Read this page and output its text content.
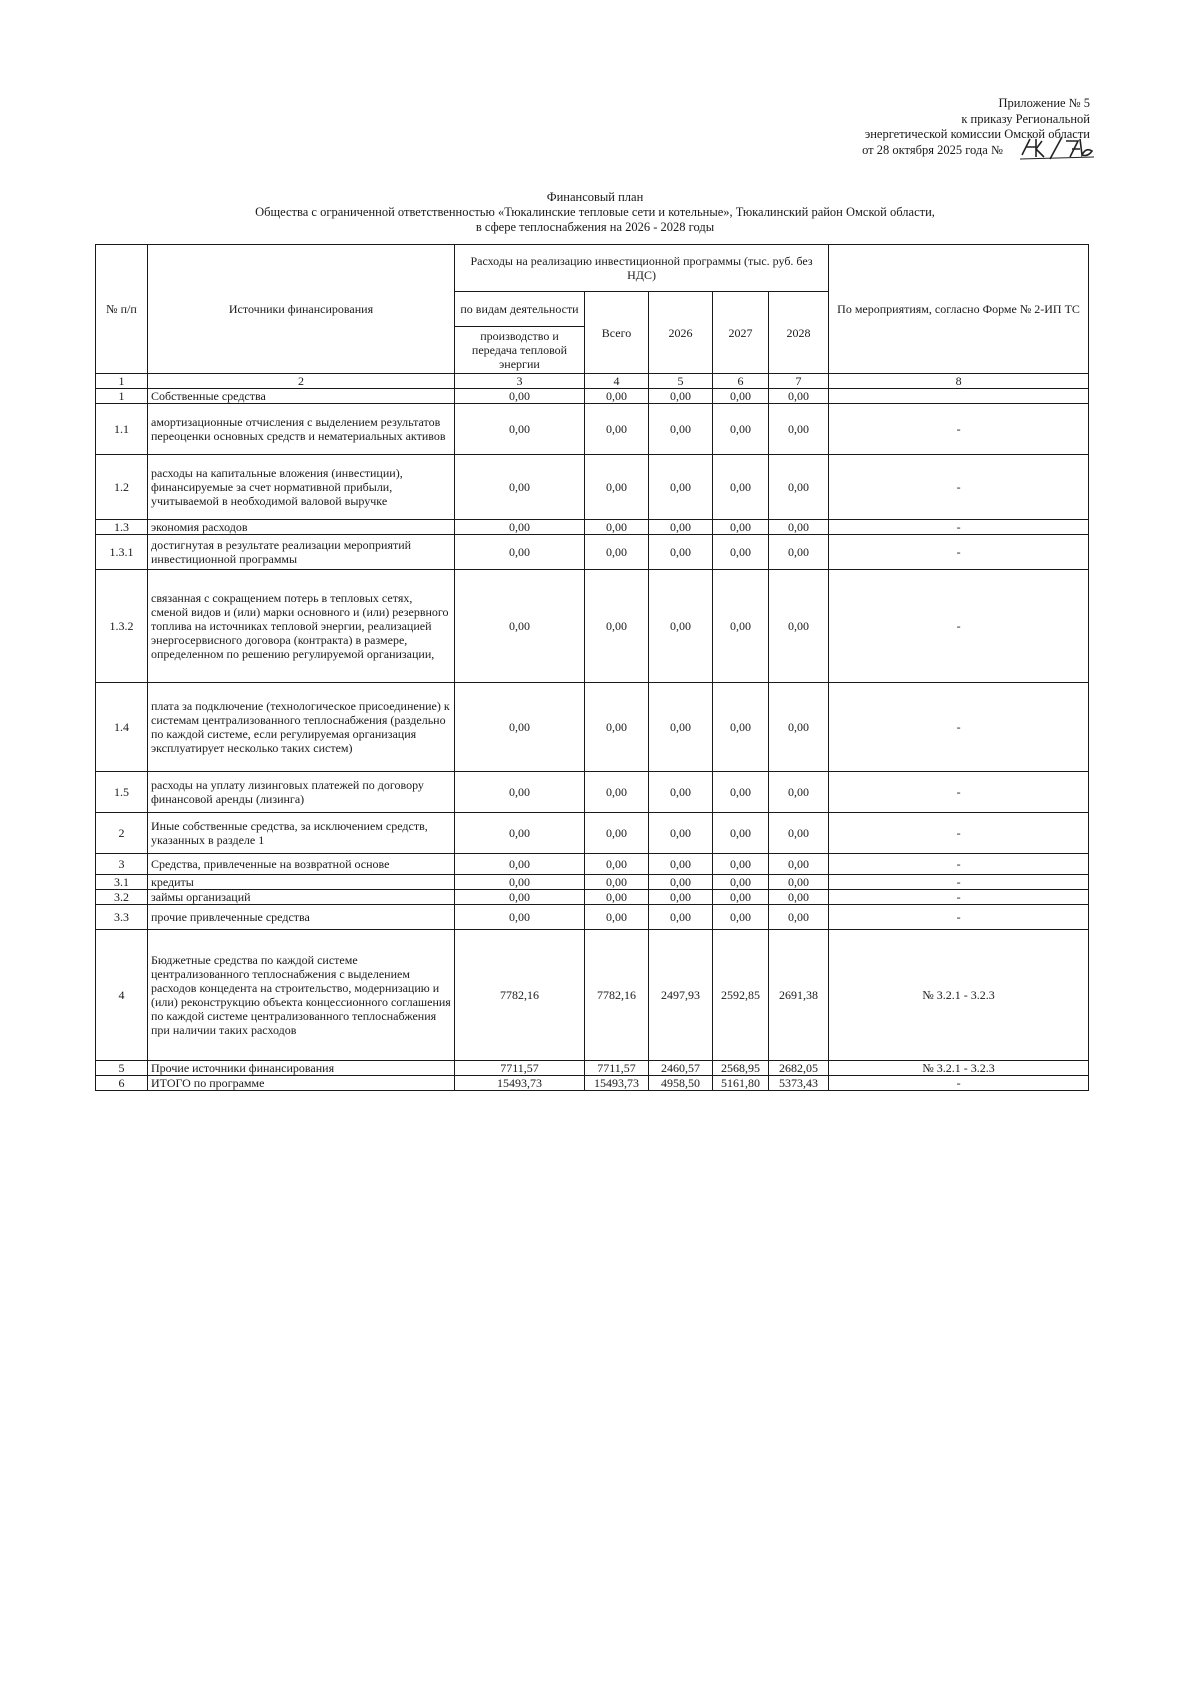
Приложение № 5
к приказу Региональной
энергетической комиссии Омской области
от 28 октября 2025 года №
Финансовый план
Общества с ограниченной ответственностью «Тюкалинские тепловые сети и котельные», Тюкалинский район Омской области,
в сфере теплоснабжения на 2026 - 2028 годы
№ п/п	Источники финансирования	Расходы на реализацию инвестиционной программы (тыс. руб. без НДС)					По мероприятиям, согласно Форме № 2-ИП ТС
		по видам деятельности	Всего	2026	2027	2028	
		производство и передача тепловой энергии					
1	2	3	4	5	6	7	8
1	Собственные средства	0,00	0,00	0,00	0,00	0,00	
1.1	амортизационные отчисления с выделением результатов переоценки основных средств и нематериальных активов	0,00	0,00	0,00	0,00	0,00	-
1.2	расходы на капитальные вложения (инвестиции), финансируемые за счет нормативной прибыли, учитываемой в необходимой валовой выручке	0,00	0,00	0,00	0,00	0,00	-
1.3	экономия расходов	0,00	0,00	0,00	0,00	0,00	-
1.3.1	достигнутая в результате реализации мероприятий инвестиционной программы	0,00	0,00	0,00	0,00	0,00	-
1.3.2	связанная с сокращением потерь в тепловых сетях, сменой видов и (или) марки основного и (или) резервного топлива на источниках тепловой энергии, реализацией энергосервисного договора (контракта) в размере, определенном по решению регулируемой организации,	0,00	0,00	0,00	0,00	0,00	-
1.4	плата за подключение (технологическое присоединение) к системам централизованного теплоснабжения (раздельно по каждой системе, если регулируемая организация эксплуатирует несколько таких систем)	0,00	0,00	0,00	0,00	0,00	-
1.5	расходы на уплату лизинговых платежей по договору финансовой аренды (лизинга)	0,00	0,00	0,00	0,00	0,00	-
2	Иные собственные средства, за исключением средств, указанных в разделе 1	0,00	0,00	0,00	0,00	0,00	-
3	Средства, привлеченные на возвратной основе	0,00	0,00	0,00	0,00	0,00	-
3.1	кредиты	0,00	0,00	0,00	0,00	0,00	-
3.2	займы организаций	0,00	0,00	0,00	0,00	0,00	-
3.3	прочие привлеченные средства	0,00	0,00	0,00	0,00	0,00	-
4	Бюджетные средства по каждой системе централизованного теплоснабжения с выделением расходов концедента на строительство, модернизацию и (или) реконструкцию объекта концессионного соглашения по каждой системе централизованного теплоснабжения при наличии таких расходов	7782,16	7782,16	2497,93	2592,85	2691,38	№ 3.2.1 - 3.2.3
5	Прочие источники финансирования	7711,57	7711,57	2460,57	2568,95	2682,05	№ 3.2.1 - 3.2.3
6	ИТОГО по программе	15493,73	15493,73	4958,50	5161,80	5373,43	-
